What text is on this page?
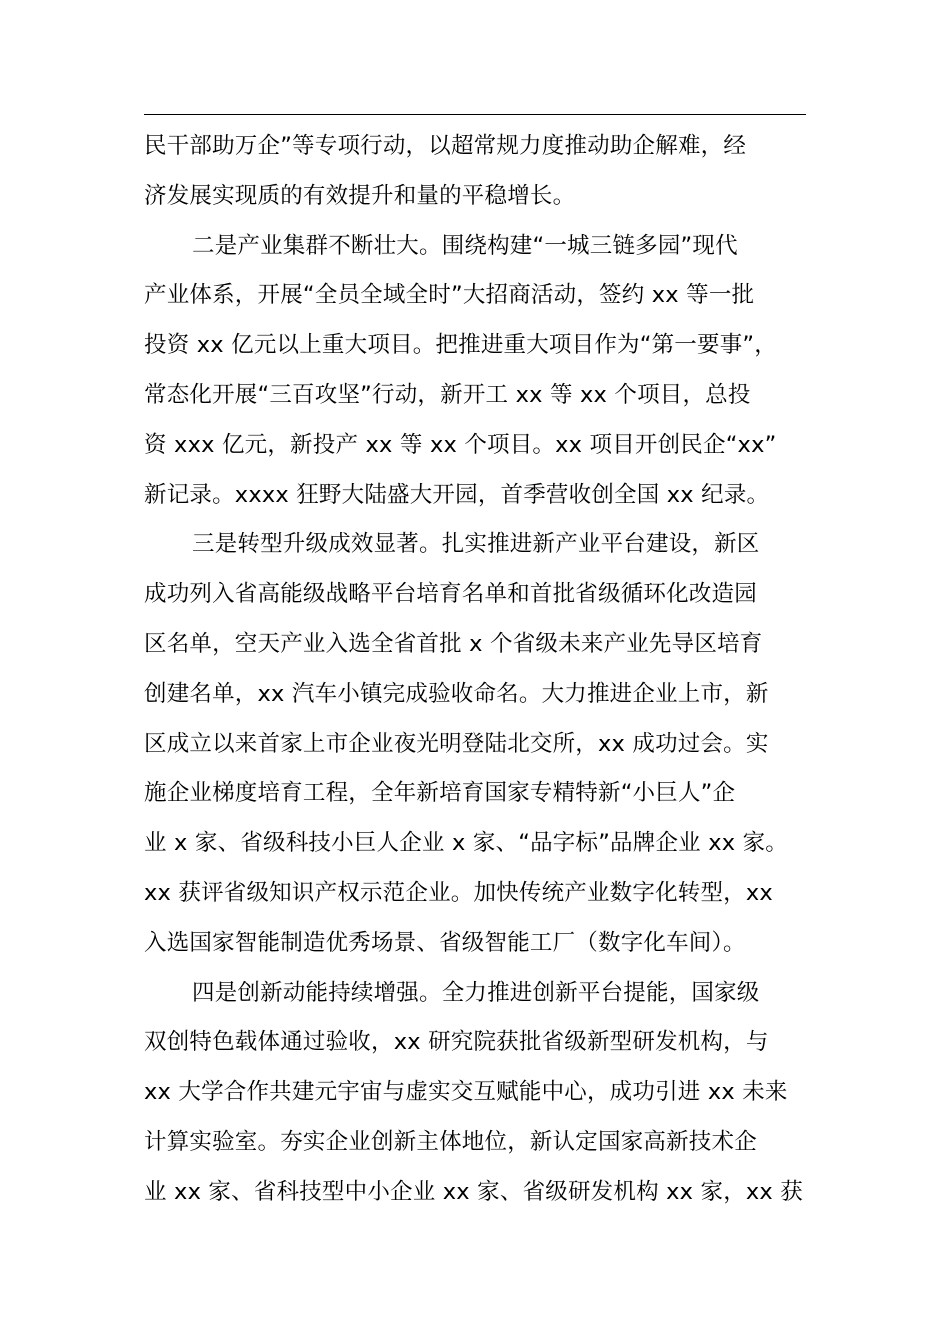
民干部助万企”等专项行动，以超常规力度推动助企解难，经
济发展实现质的有效提升和量的平稳增长。
二是产业集群不断壮大。围绕构建“一城三链多园”现代
产业体系，开展“全员全域全时”大招商活动，签约 xx 等一批
投资 xx 亿元以上重大项目。把推进重大项目作为“第一要事”，
常态化开展“三百攻坚”行动，新开工 xx 等 xx 个项目，总投
资 xxx 亿元，新投产 xx 等 xx 个项目。xx 项目开创民企“xx”
新记录。xxxx 狂野大陆盛大开园，首季营收创全国 xx 纪录。
三是转型升级成效显著。扎实推进新产业平台建设，新区
成功列入省高能级战略平台培育名单和首批省级循环化改造园
区名单，空天产业入选全省首批 x 个省级未来产业先导区培育
创建名单，xx 汽车小镇完成验收命名。大力推进企业上市，新
区成立以来首家上市企业夜光明登陆北交所，xx 成功过会。实
施企业梯度培育工程，全年新培育国家专精特新“小巨人”企
业 x 家、省级科技小巨人企业 x 家、“品字标”品牌企业 xx 家。
xx 获评省级知识产权示范企业。加快传统产业数字化转型，xx
入选国家智能制造优秀场景、省级智能工厂（数字化车间）。
四是创新动能持续增强。全力推进创新平台提能，国家级
双创特色载体通过验收，xx 研究院获批省级新型研发机构，与
xx 大学合作共建元宇宙与虚实交互赋能中心，成功引进 xx 未来
计算实验室。夯实企业创新主体地位，新认定国家高新技术企
业 xx 家、省科技型中小企业 xx 家、省级研发机构 xx 家，xx 获
